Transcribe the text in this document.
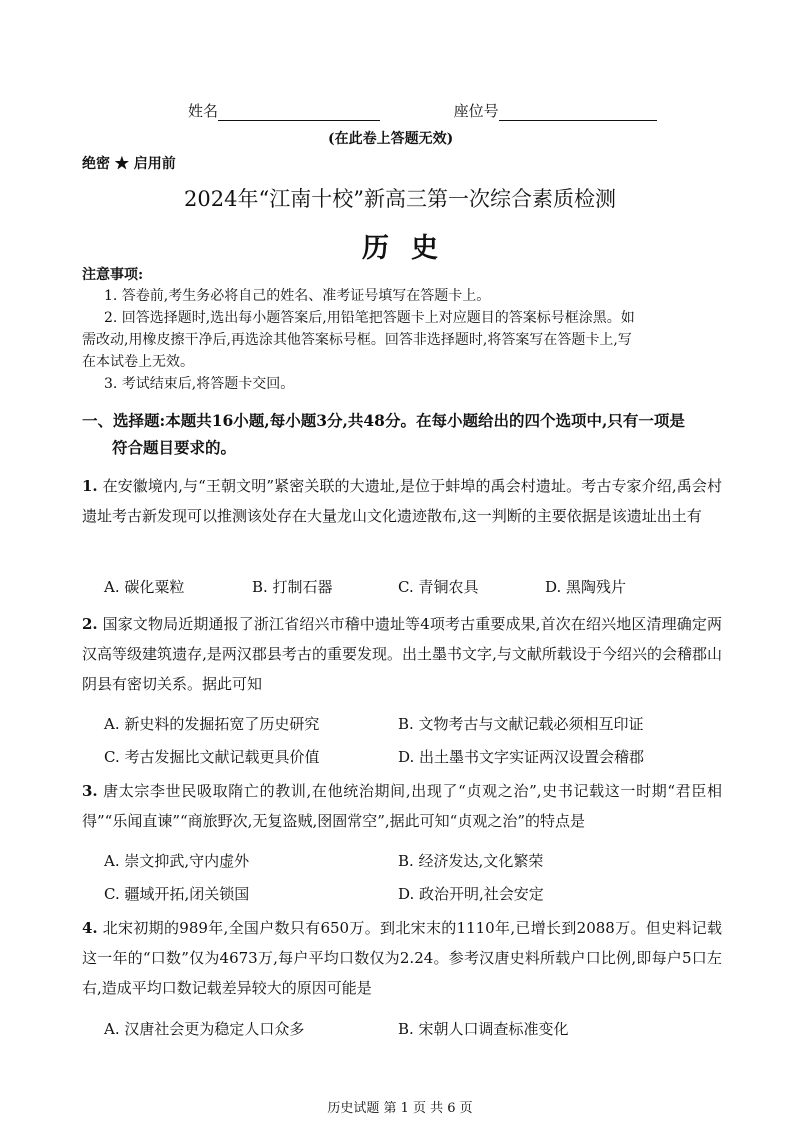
姓名	座位号
(在此卷上答题无效)
绝密 ★ 启用前
2024年“江南十校”新高三第一次综合素质检测
历史
注意事项:
1. 答卷前,考生务必将自己的姓名、准考证号填写在答题卡上。
2. 回答选择题时,选出每小题答案后,用铅笔把答题卡上对应题目的答案标号框涂黑。如
需改动,用橡皮擦干净后,再选涂其他答案标号框。回答非选择题时,将答案写在答题卡上,写
在本试卷上无效。
3. 考试结束后,将答题卡交回。
一、选择题:本题共16小题,每小题3分,共48分。在每小题给出的四个选项中,只有一项是
符合题目要求的。
1. 在安徽境内,与“王朝文明”紧密关联的大遗址,是位于蚌埠的禹会村遗址。考古专家介绍,禹会村遗址考古新发现可以推测该处存在大量龙山文化遗迹散布,这一判断的主要依据是该遗址出土有
A. 碳化粟粒	B. 打制石器	C. 青铜农具	D. 黑陶残片
2. 国家文物局近期通报了浙江省绍兴市稽中遗址等4项考古重要成果,首次在绍兴地区清理确定两汉高等级建筑遗存,是两汉郡县考古的重要发现。出土墨书文字,与文献所载设于今绍兴的会稽郡山阴县有密切关系。据此可知
A. 新史料的发掘拓宽了历史研究	B. 文物考古与文献记载必须相互印证
C. 考古发掘比文献记载更具价值	D. 出土墨书文字实证两汉设置会稽郡
3. 唐太宗李世民吸取隋亡的教训,在他统治期间,出现了“贞观之治”,史书记载这一时期“君臣相得”“乐闻直谏”“商旅野次,无复盗贼,囹圄常空”,据此可知“贞观之治”的特点是
A. 崇文抑武,守内虚外	B. 经济发达,文化繁荣
C. 疆域开拓,闭关锁国	D. 政治开明,社会安定
4. 北宋初期的989年,全国户数只有650万。到北宋末的1110年,已增长到2088万。但史料记载这一年的“口数”仅为4673万,每户平均口数仅为2.24。参考汉唐史料所载户口比例,即每户5口左右,造成平均口数记载差异较大的原因可能是
A. 汉唐社会更为稳定人口众多	B. 宋朝人口调查标准变化
历史试题 第 1 页 共 6 页
